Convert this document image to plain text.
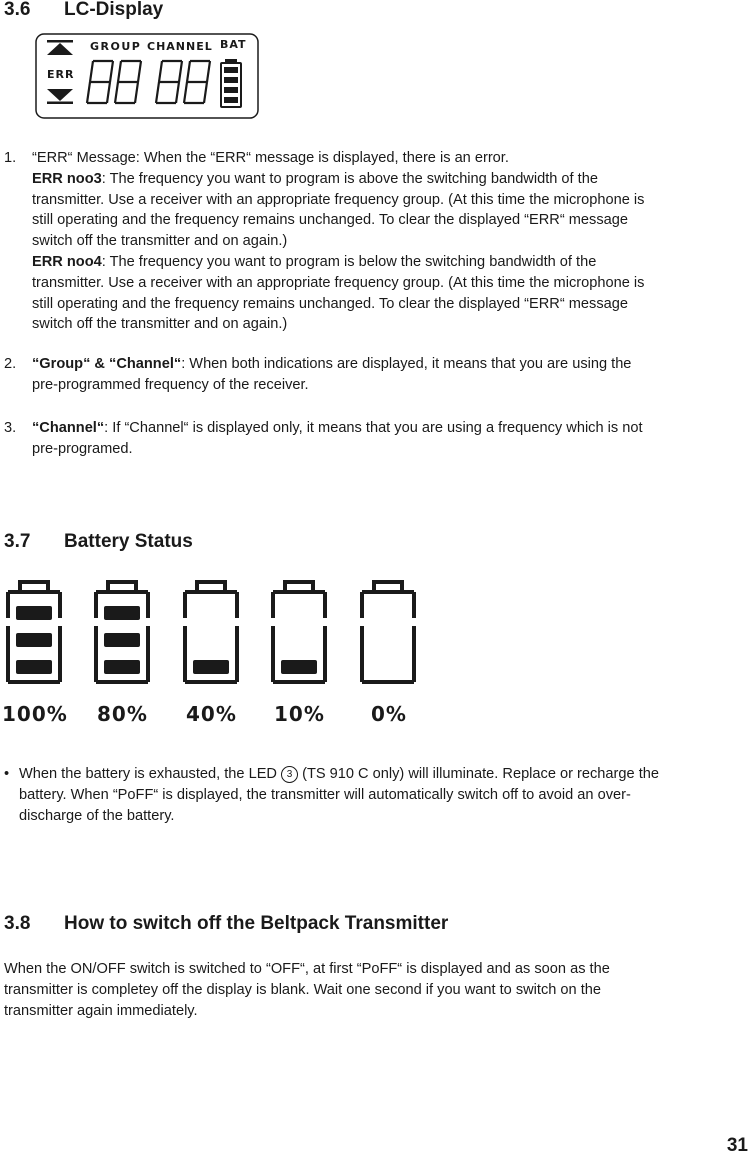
3.6 LC-Display
ERR
GROUP CHANNEL BAT
1. “ERR“ Message: When the “ERR“ message is displayed, there is an error.
ERR noo3: The frequency you want to program is above the switching bandwidth of the
transmitter. Use a receiver with an appropriate frequency group. (At this time the microphone is
still operating and the frequency remains unchanged. To clear the displayed “ERR“ message
switch off the transmitter and on again.)
ERR noo4: The frequency you want to program is below the switching bandwidth of the
transmitter. Use a receiver with an appropriate frequency group. (At this time the microphone is
still operating and the frequency remains unchanged. To clear the displayed “ERR“ message
switch off the transmitter and on again.)
2. “Group“ & “Channel“: When both indications are displayed, it means that you are using the
pre-programmed frequency of the receiver.
3. “Channel“: If “Channel“ is displayed only, it means that you are using a frequency which is not
pre-programed.
3.7 Battery Status
100% 80% 40% 10% 0%
• When the battery is exhausted, the LED 3 (TS 910 C only) will illuminate. Replace or recharge the
battery. When “PoFF“ is displayed, the transmitter will automatically switch off to avoid an over-
discharge of the battery.
3.8 How to switch off the Beltpack Transmitter
When the ON/OFF switch is switched to “OFF“, at first “PoFF“ is displayed and as soon as the
transmitter is completey off the display is blank. Wait one second if you want to switch on the
transmitter again immediately.
31
